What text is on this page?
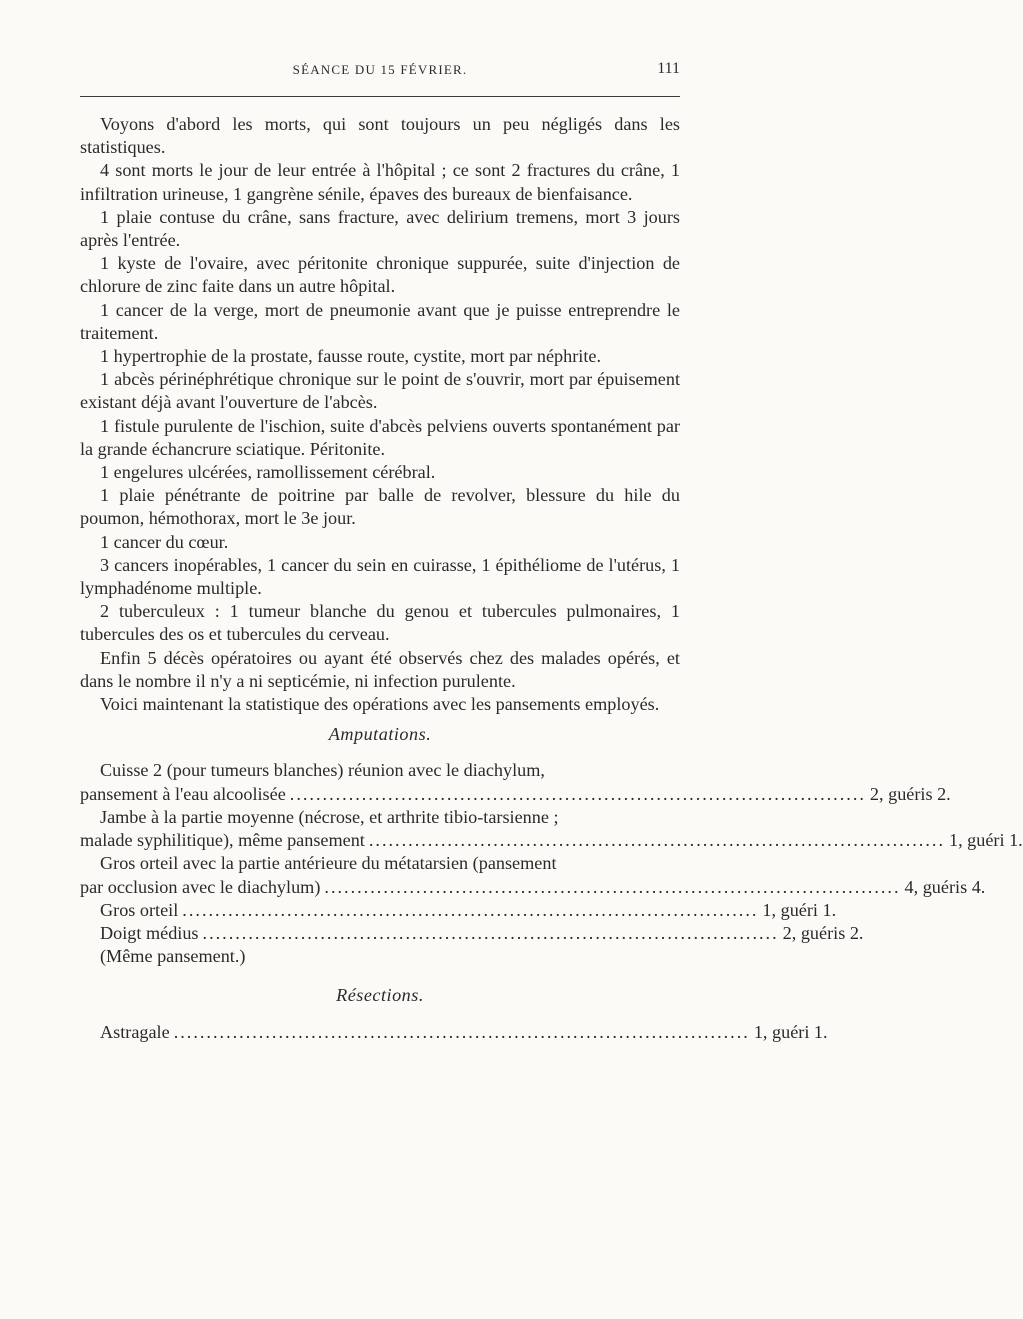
SÉANCE DU 15 FÉVRIER.	111

Voyons d'abord les morts, qui sont toujours un peu négligés dans les statistiques.

4 sont morts le jour de leur entrée à l'hôpital ; ce sont 2 fractures du crâne, 1 infiltration urineuse, 1 gangrène sénile, épaves des bureaux de bienfaisance.

1 plaie contuse du crâne, sans fracture, avec delirium tremens, mort 3 jours après l'entrée.

1 kyste de l'ovaire, avec péritonite chronique suppurée, suite d'injection de chlorure de zinc faite dans un autre hôpital.

1 cancer de la verge, mort de pneumonie avant que je puisse entreprendre le traitement.

1 hypertrophie de la prostate, fausse route, cystite, mort par néphrite.

1 abcès périnéphrétique chronique sur le point de s'ouvrir, mort par épuisement existant déjà avant l'ouverture de l'abcès.

1 fistule purulente de l'ischion, suite d'abcès pelviens ouverts spontanément par la grande échancrure sciatique. Péritonite.

1 engelures ulcérées, ramollissement cérébral.

1 plaie pénétrante de poitrine par balle de revolver, blessure du hile du poumon, hémothorax, mort le 3e jour.

1 cancer du cœur.

3 cancers inopérables, 1 cancer du sein en cuirasse, 1 épithéliome de l'utérus, 1 lymphadénome multiple.

2 tuberculeux : 1 tumeur blanche du genou et tubercules pulmonaires, 1 tubercules des os et tubercules du cerveau.

Enfin 5 décès opératoires ou ayant été observés chez des malades opérés, et dans le nombre il n'y a ni septicémie, ni infection purulente.

Voici maintenant la statistique des opérations avec les pansements employés.

Amputations.

Cuisse 2 (pour tumeurs blanches) réunion avec le diachylum,

pansement à l'eau alcoolisée ........................................................................................ 2, guéris 2.

Jambe à la partie moyenne (nécrose, et arthrite tibio-tarsienne ;

malade syphilitique), même pansement ........................................................................................ 1, guéri 1.

Gros orteil avec la partie antérieure du métatarsien (pansement

par occlusion avec le diachylum) ........................................................................................ 4, guéris 4.
Gros orteil ........................................................................................ 1, guéri 1.
Doigt médius ........................................................................................ 2, guéris 2.

(Même pansement.)

Résections.

Astragale ........................................................................................ 1, guéri 1.
